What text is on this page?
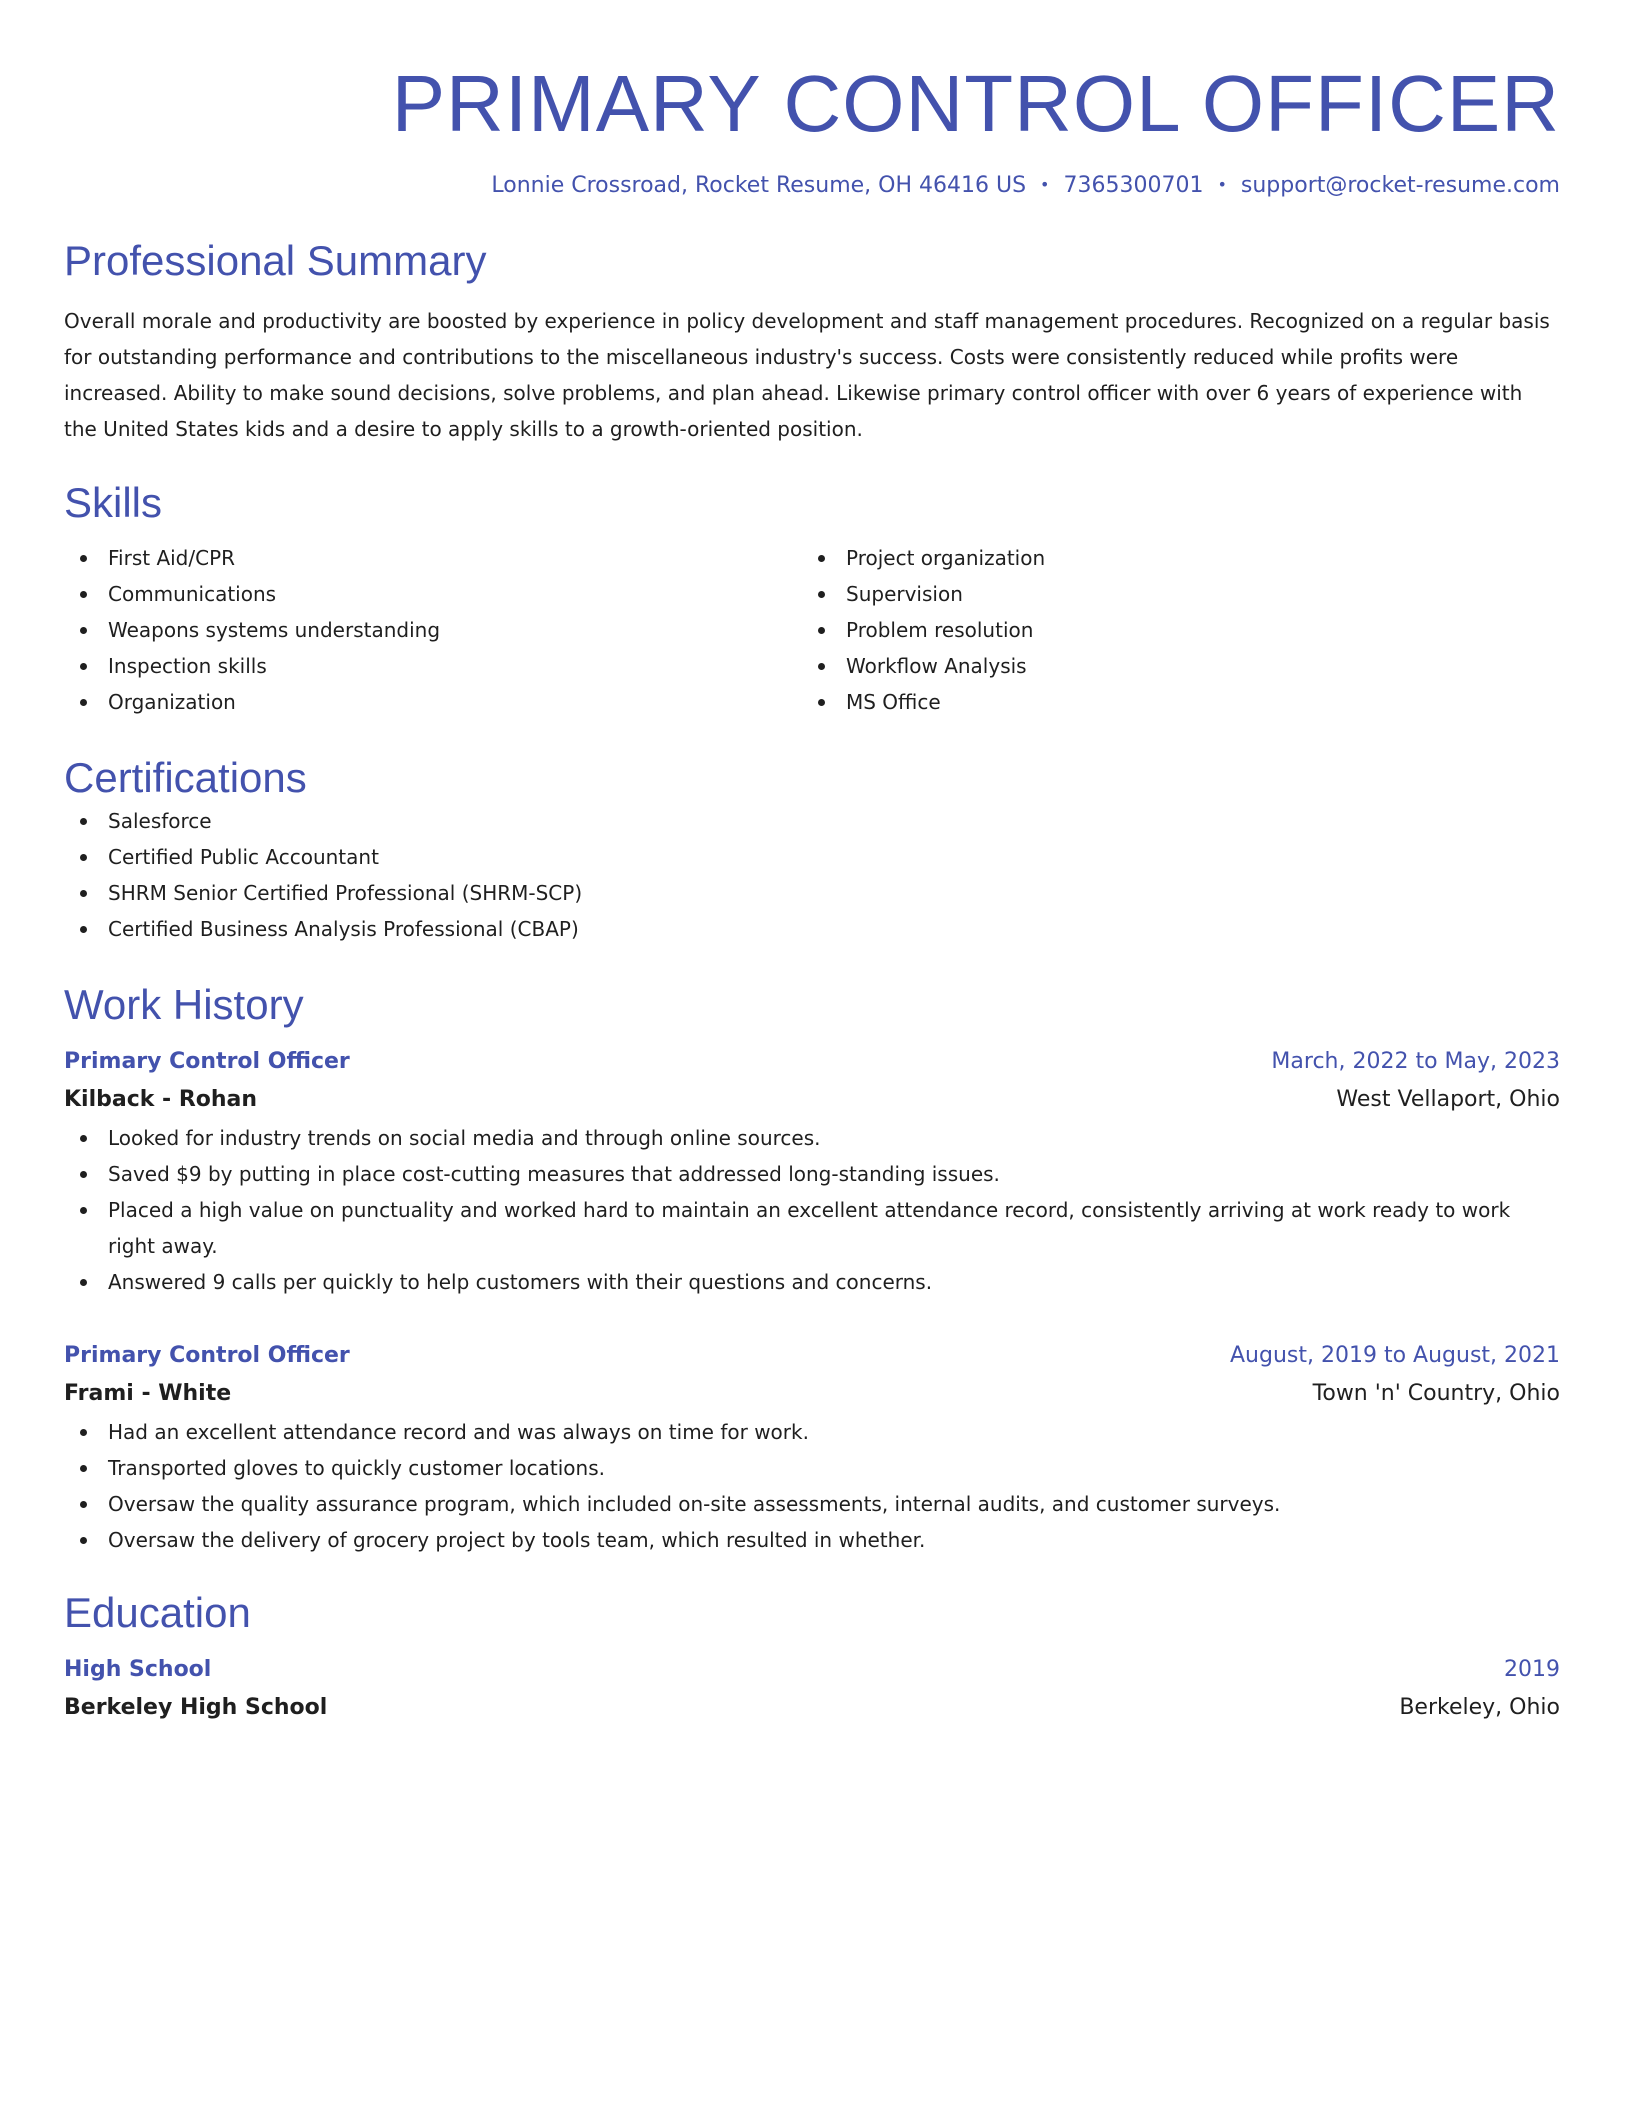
PRIMARY CONTROL OFFICER
Lonnie Crossroad, Rocket Resume, OH 46416 US • 7365300701 • support@rocket-resume.com
Professional Summary
Overall morale and productivity are boosted by experience in policy development and staff management procedures. Recognized on a regular basis for outstanding performance and contributions to the miscellaneous industry's success. Costs were consistently reduced while profits were increased. Ability to make sound decisions, solve problems, and plan ahead. Likewise primary control officer with over 6 years of experience with the United States kids and a desire to apply skills to a growth-oriented position.
Skills
First Aid/CPR
Communications
Weapons systems understanding
Inspection skills
Organization
Project organization
Supervision
Problem resolution
Workflow Analysis
MS Office
Certifications
Salesforce
Certified Public Accountant
SHRM Senior Certified Professional (SHRM-SCP)
Certified Business Analysis Professional (CBAP)
Work History
Primary Control Officer	March, 2022 to May, 2023
Kilback - Rohan	West Vellaport, Ohio
Looked for industry trends on social media and through online sources.
Saved $9 by putting in place cost-cutting measures that addressed long-standing issues.
Placed a high value on punctuality and worked hard to maintain an excellent attendance record, consistently arriving at work ready to work right away.
Answered 9 calls per quickly to help customers with their questions and concerns.
Primary Control Officer	August, 2019 to August, 2021
Frami - White	Town 'n' Country, Ohio
Had an excellent attendance record and was always on time for work.
Transported gloves to quickly customer locations.
Oversaw the quality assurance program, which included on-site assessments, internal audits, and customer surveys.
Oversaw the delivery of grocery project by tools team, which resulted in whether.
Education
High School	2019
Berkeley High School	Berkeley, Ohio
